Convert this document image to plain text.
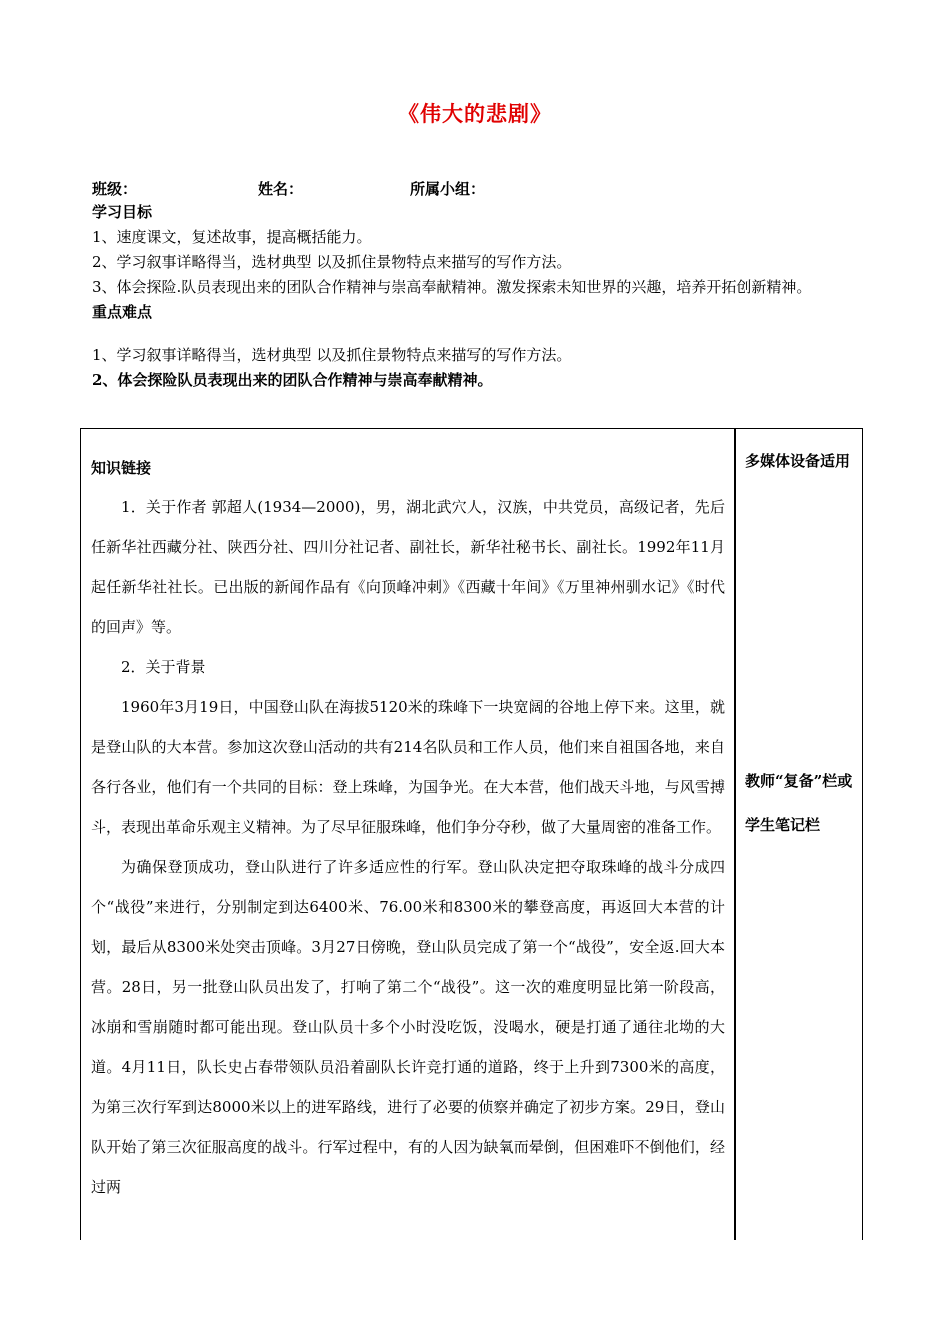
《伟大的悲剧》
班级：	姓名：	所属小组：

学习目标

1、速度课文，复述故事，提高概括能力。

2、学习叙事详略得当，选材典型 以及抓住景物特点来描写的写作方法。

3、体会探险.队员表现出来的团队合作精神与崇高奉献精神。激发探索未知世界的兴趣，培养开拓创新精神。

重点难点

1、学习叙事详略得当，选材典型 以及抓住景物特点来描写的写作方法。

2、体会探险队员表现出来的团队合作精神与崇高奉献精神。

知识链接

1．关于作者 郭超人(1934—2000)，男，湖北武穴人，汉族，中共党员，高级记者，先后任新华社西藏分社、陕西分社、四川分社记者、副社长，新华社秘书长、副社长。1992年11月起任新华社社长。已出版的新闻作品有《向顶峰冲刺》《西藏十年间》《万里神州驯水记》《时代的回声》等。

2．关于背景

1960年3月19日，中国登山队在海拔5120米的珠峰下一块宽阔的谷地上停下来。这里，就是登山队的大本营。参加这次登山活动的共有214名队员和工作人员，他们来自祖国各地，来自各行各业，他们有一个共同的目标：登上珠峰，为国争光。在大本营，他们战天斗地，与风雪搏斗，表现出革命乐观主义精神。为了尽早征服珠峰，他们争分夺秒，做了大量周密的准备工作。

为确保登顶成功，登山队进行了许多适应性的行军。登山队决定把夺取珠峰的战斗分成四个“战役”来进行，分别制定到达6400米、76.00米和8300米的攀登高度，再返回大本营的计划，最后从8300米处突击顶峰。3月27日傍晚，登山队员完成了第一个“战役”，安全返.回大本营。28日，另一批登山队员出发了，打响了第二个“战役”。这一次的难度明显比第一阶段高，冰崩和雪崩随时都可能出现。登山队员十多个小时没吃饭，没喝水，硬是打通了通往北坳的大道。4月11日，队长史占春带领队员沿着副队长许竞打通的道路，终于上升到7300米的高度，为第三次行军到达8000米以上的进军路线，进行了必要的侦察并确定了初步方案。29日，登山队开始了第三次征服高度的战斗。行军过程中，有的人因为缺氧而晕倒，但困难吓不倒他们，经过两

多媒体设备适用
教师“复备”栏或学生笔记栏
